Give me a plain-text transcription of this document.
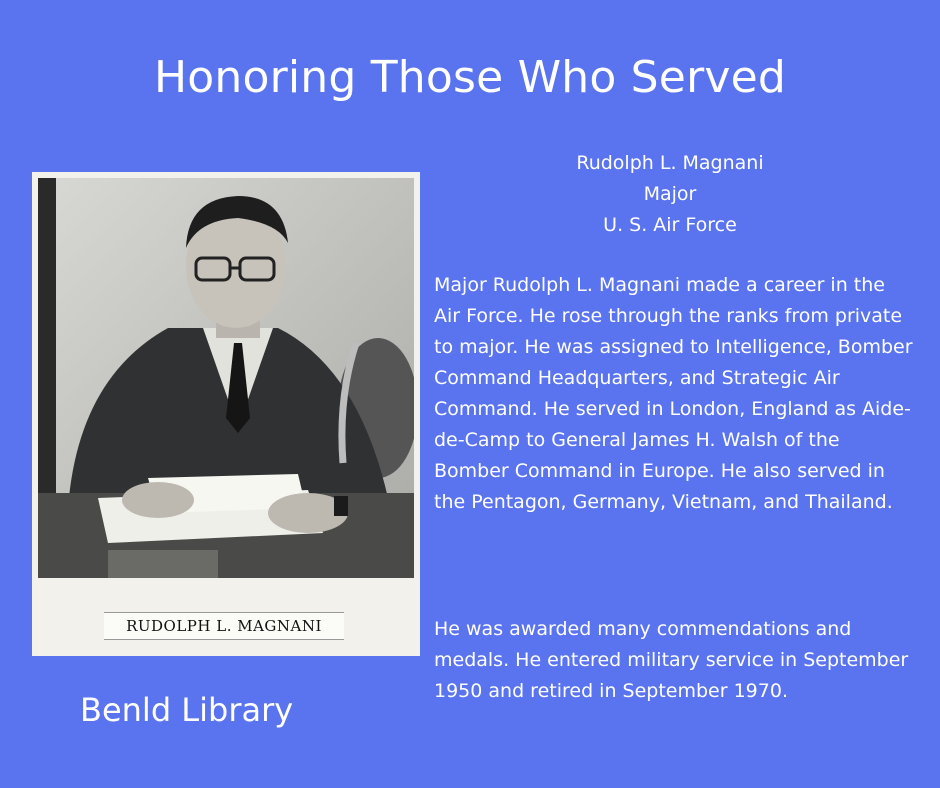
Honoring Those Who Served
RUDOLPH L. MAGNANI
Benld Library
Rudolph L. Magnani
Major
U. S. Air Force
Major Rudolph L. Magnani made a career in the Air Force. He rose through the ranks from private to major. He was assigned to Intelligence, Bomber Command Headquarters, and Strategic Air Command. He served in London, England as Aide-de-Camp to General James H. Walsh of the Bomber Command in Europe. He also served in the Pentagon, Germany, Vietnam, and Thailand.
He was awarded many commendations and medals. He entered military service in September 1950 and retired in September 1970.
